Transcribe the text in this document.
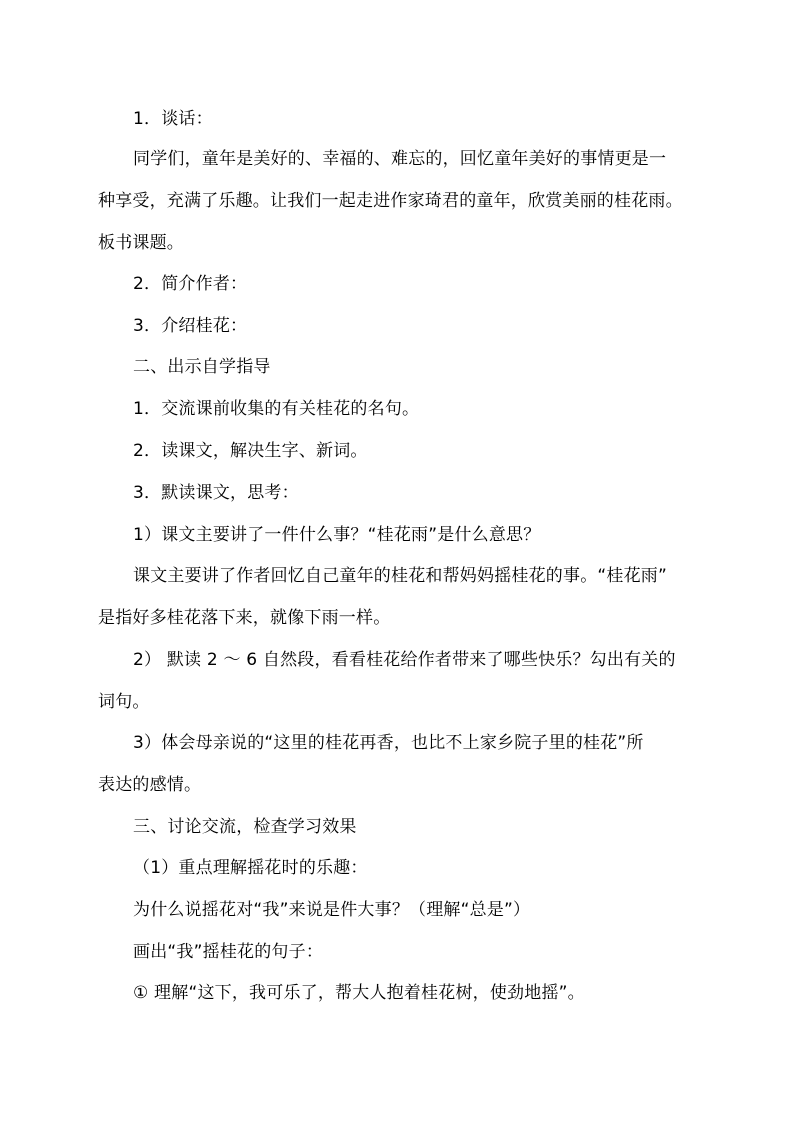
1．谈话：
同学们，童年是美好的、幸福的、难忘的，回忆童年美好的事情更是一
种享受，充满了乐趣。让我们一起走进作家琦君的童年，欣赏美丽的桂花雨。
板书课题。
2．简介作者：
3．介绍桂花：
二、出示自学指导
1．交流课前收集的有关桂花的名句。
2．读课文，解决生字、新词。
3．默读课文，思考：
1）课文主要讲了一件什么事？“桂花雨”是什么意思？
课文主要讲了作者回忆自己童年的桂花和帮妈妈摇桂花的事。“桂花雨”
是指好多桂花落下来，就像下雨一样。
2） 默读 2 ～ 6 自然段，看看桂花给作者带来了哪些快乐？勾出有关的
词句。
3）体会母亲说的“这里的桂花再香，也比不上家乡院子里的桂花”所
表达的感情。
三、讨论交流，检查学习效果
（1）重点理解摇花时的乐趣：
为什么说摇花对“我”来说是件大事？（理解“总是”）
画出“我”摇桂花的句子：
① 理解“这下，我可乐了，帮大人抱着桂花树，使劲地摇”。
